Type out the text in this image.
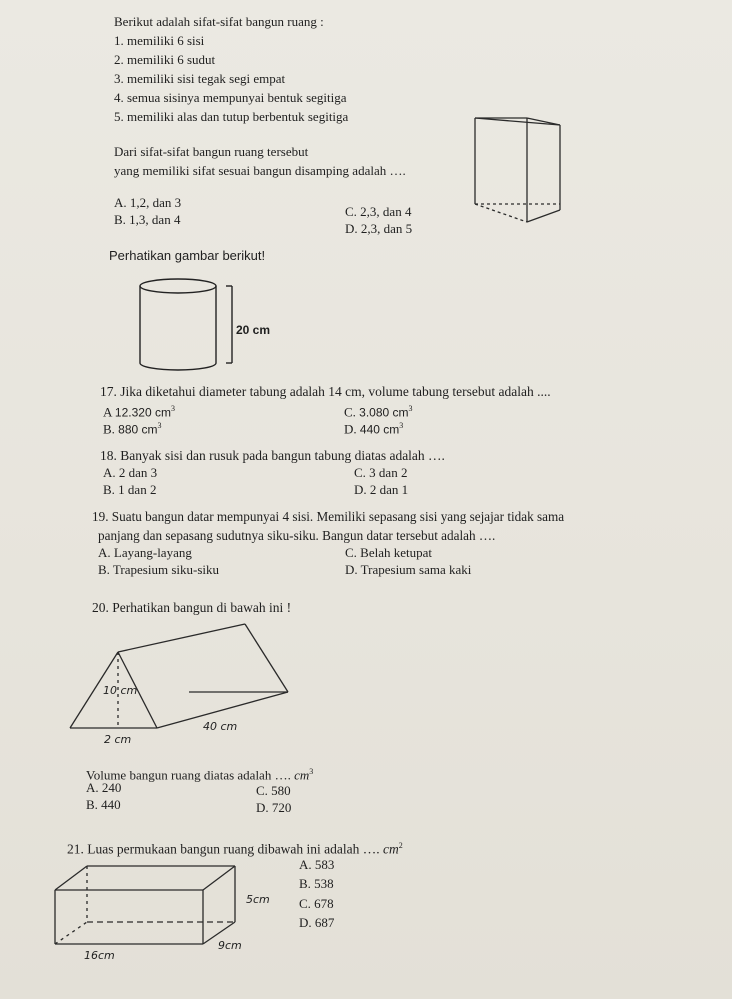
Berikut adalah sifat-sifat bangun ruang :
1. memiliki 6 sisi
2. memiliki 6 sudut
3. memiliki sisi tegak segi empat
4. semua sisinya mempunyai bentuk segitiga
5. memiliki alas dan tutup berbentuk segitiga
Dari sifat-sifat bangun ruang tersebut
yang memiliki sifat sesuai bangun disamping adalah ….
A. 1,2, dan 3
B. 1,3, dan 4
C. 2,3, dan 4
D. 2,3, dan 5
Perhatikan gambar berikut!
20 cm
17. Jika diketahui diameter tabung adalah 14 cm, volume tabung tersebut adalah ....
A 12.320 $cm^3$
B. 880 $cm^3$
C. 3.080 $cm^3$
D. 440 $cm^3$
18. Banyak sisi dan rusuk pada bangun tabung diatas adalah ….
A. 2 dan 3
B. 1 dan 2
C. 3 dan 2
D. 2 dan 1
19. Suatu bangun datar mempunyai 4 sisi. Memiliki sepasang sisi yang sejajar tidak sama
panjang dan sepasang sudutnya siku-siku. Bangun datar tersebut adalah ….
A. Layang-layang
B. Trapesium siku-siku
C. Belah ketupat
D. Trapesium sama kaki
20. Perhatikan bangun di bawah ini !
10 cm
2 cm
40 cm
Volume bangun ruang diatas adalah …. $cm^3$
A. 240
B. 440
C. 580
D. 720
21. Luas permukaan bangun ruang dibawah ini adalah …. $cm^2$
A. 583
B. 538
C. 678
D. 687
5cm
16cm
9cm
